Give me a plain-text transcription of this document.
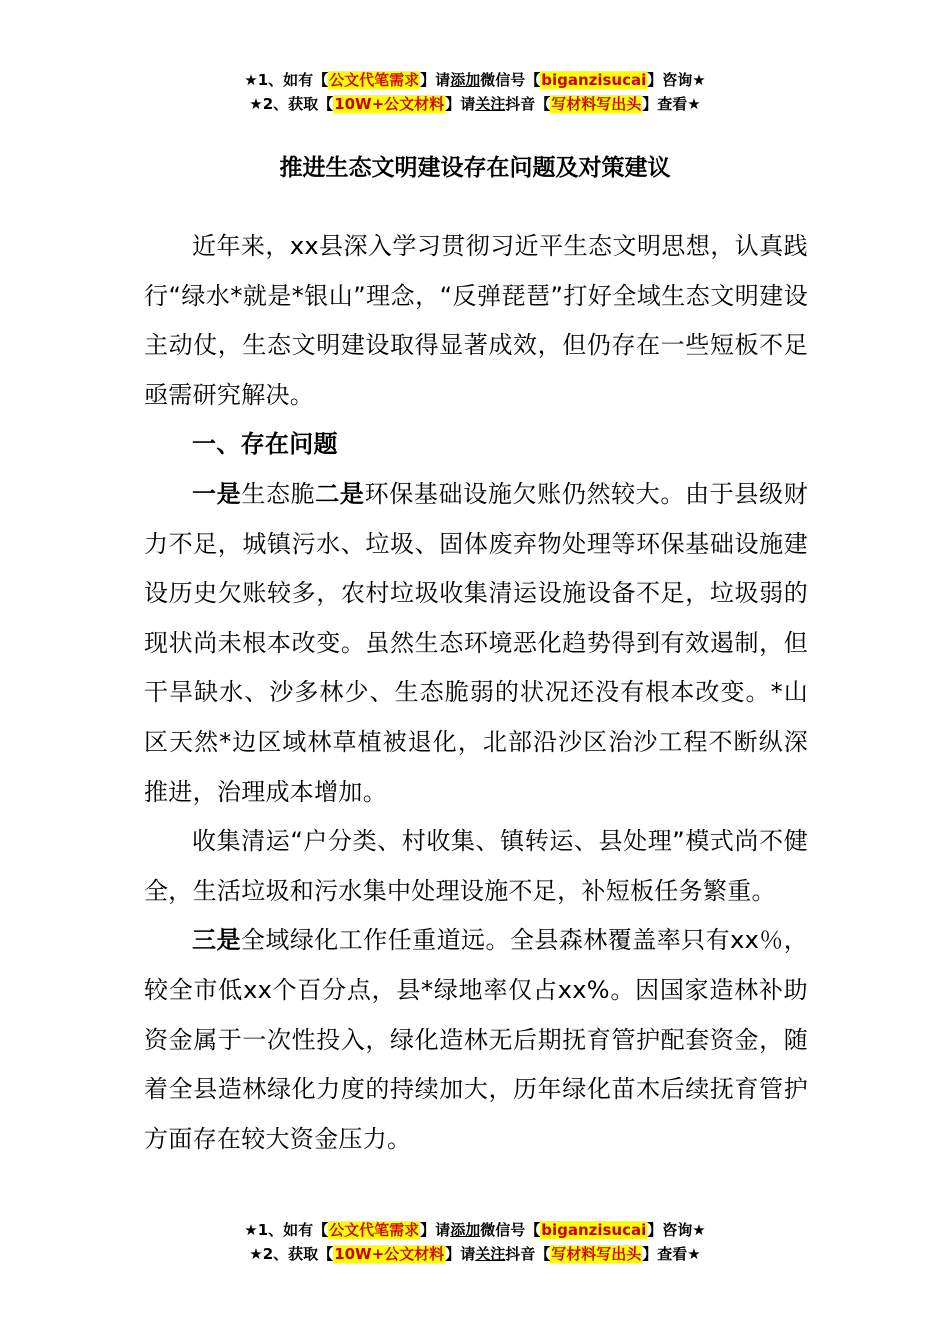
★1、如有【公文代笔需求】请添加微信号【biganzisucai】咨询★
★2、获取【10W+公文材料】请关注抖音【写材料写出头】查看★
推进生态文明建设存在问题及对策建议

近年来，xx县深入学习贯彻习近平生态文明思想，认真践行“绿水*就是*银山”理念，“反弹琵琶”打好全域生态文明建设主动仗，生态文明建设取得显著成效，但仍存在一些短板不足亟需研究解决。

一、存在问题

一是生态脆二是环保基础设施欠账仍然较大。由于县级财力不足，城镇污水、垃圾、固体废弃物处理等环保基础设施建设历史欠账较多，农村垃圾收集清运设施设备不足，垃圾弱的现状尚未根本改变。虽然生态环境恶化趋势得到有效遏制，但干旱缺水、沙多林少、生态脆弱的状况还没有根本改变。*山区天然*边区域林草植被退化，北部沿沙区治沙工程不断纵深推进，治理成本增加。

收集清运“户分类、村收集、镇转运、县处理”模式尚不健全，生活垃圾和污水集中处理设施不足，补短板任务繁重。

三是全域绿化工作任重道远。全县森林覆盖率只有xx％，较全市低xx个百分点，县*绿地率仅占xx%。因国家造林补助资金属于一次性投入，绿化造林无后期抚育管护配套资金，随着全县造林绿化力度的持续加大，历年绿化苗木后续抚育管护方面存在较大资金压力。

★1、如有【公文代笔需求】请添加微信号【biganzisucai】咨询★
★2、获取【10W+公文材料】请关注抖音【写材料写出头】查看★
